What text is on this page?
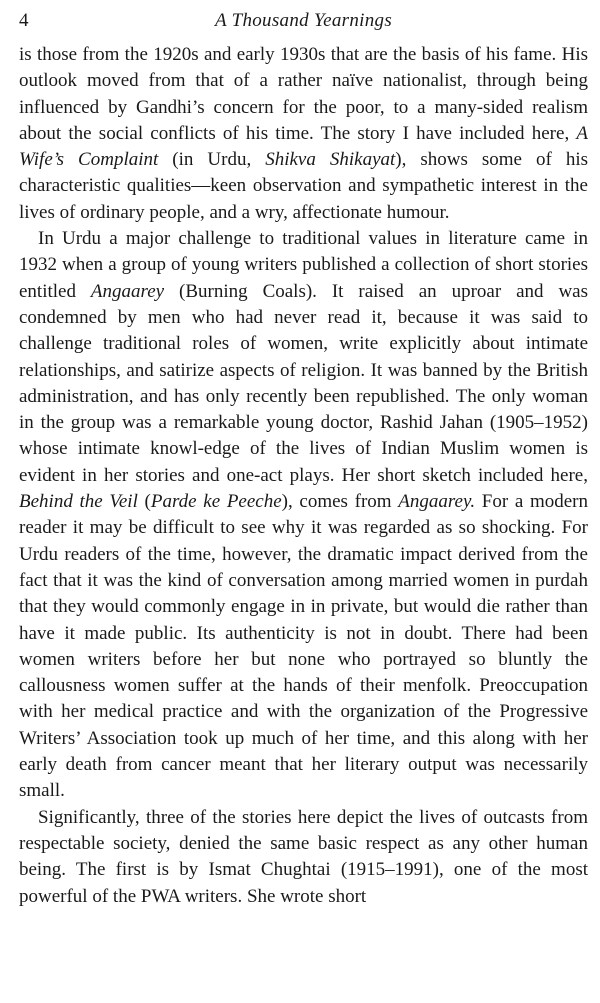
4	A Thousand Yearnings

is those from the 1920s and early 1930s that are the basis of his fame. His outlook moved from that of a rather naïve nationalist, through being influenced by Gandhi’s concern for the poor, to a many-sided realism about the social conflicts of his time. The story I have included here, A Wife’s Complaint (in Urdu, Shikva Shikayat), shows some of his characteristic qualities—keen observation and sympathetic interest in the lives of ordinary people, and a wry, affectionate humour.

In Urdu a major challenge to traditional values in literature came in 1932 when a group of young writers published a collection of short stories entitled Angaarey (Burning Coals). It raised an uproar and was condemned by men who had never read it, because it was said to challenge traditional roles of women, write explicitly about intimate relationships, and satirize aspects of religion. It was banned by the British administration, and has only recently been republished. The only woman in the group was a remarkable young doctor, Rashid Jahan (1905–1952) whose intimate knowl-edge of the lives of Indian Muslim women is evident in her stories and one-act plays. Her short sketch included here, Behind the Veil (Parde ke Peeche), comes from Angaarey. For a modern reader it may be difficult to see why it was regarded as so shocking. For Urdu readers of the time, however, the dramatic impact derived from the fact that it was the kind of conversation among married women in purdah that they would commonly engage in in private, but would die rather than have it made public. Its authenticity is not in doubt. There had been women writers before her but none who portrayed so bluntly the callousness women suffer at the hands of their menfolk. Preoccupation with her medical practice and with the organization of the Progressive Writers’ Association took up much of her time, and this along with her early death from cancer meant that her literary output was necessarily small.

Significantly, three of the stories here depict the lives of outcasts from respectable society, denied the same basic respect as any other human being. The first is by Ismat Chughtai (1915–1991), one of the most powerful of the PWA writers. She wrote short
